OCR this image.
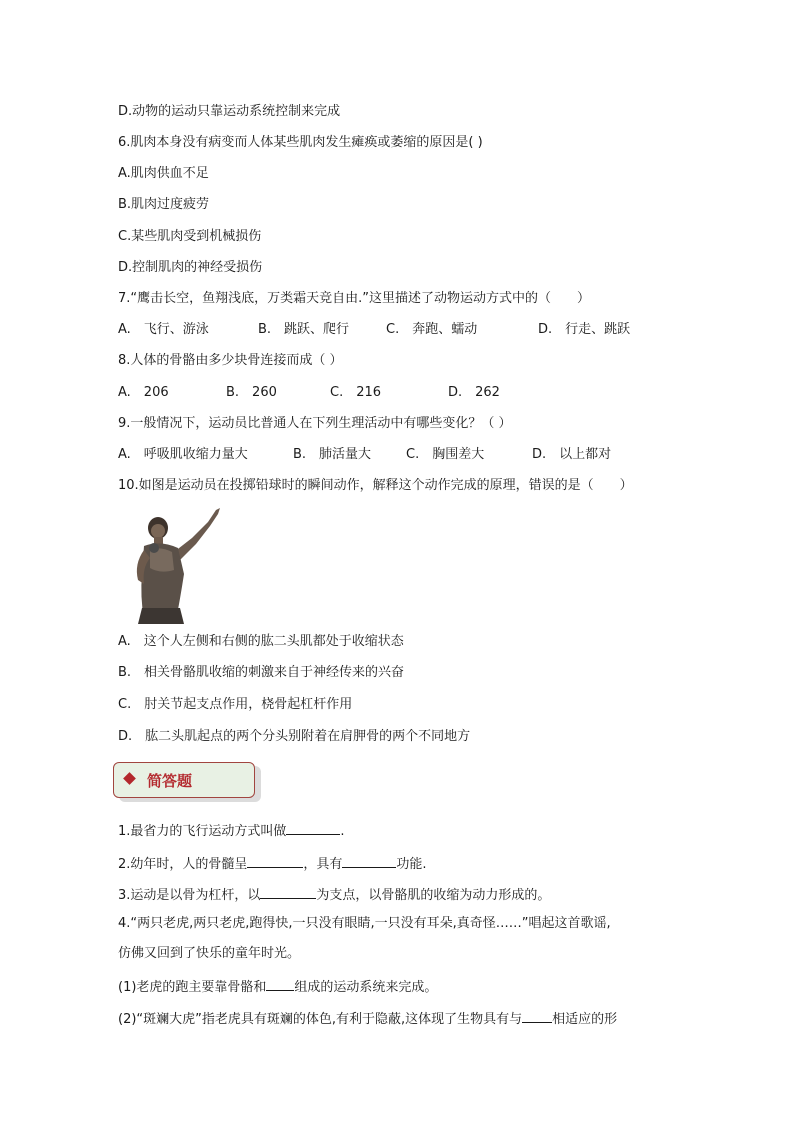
D.动物的运动只靠运动系统控制来完成
6.肌肉本身没有病变而人体某些肌肉发生瘫痪或萎缩的原因是( )
A.肌肉供血不足
B.肌肉过度疲劳
C.某些肌肉受到机械损伤
D.控制肌肉的神经受损伤
7.“鹰击长空，鱼翔浅底，万类霜天竞自由.”这里描述了动物运动方式中的（　　）
A.　飞行、游泳	B.　跳跃、爬行	C.　奔跑、蠕动	D.　行走、跳跃
8.人体的骨骼由多少块骨连接而成（ ）
A.　206	B.　260	C.　216	D.　262
9.一般情况下，运动员比普通人在下列生理活动中有哪些变化？（ ）
A.　呼吸肌收缩力量大	B.　肺活量大	C.　胸围差大	D.　以上都对
10.如图是运动员在投掷铅球时的瞬间动作，解释这个动作完成的原理，错误的是（　　）
A.　这个人左侧和右侧的肱二头肌都处于收缩状态
B.　相关骨骼肌收缩的刺激来自于神经传来的兴奋
C.　肘关节起支点作用，桡骨起杠杆作用
D.　肱二头肌起点的两个分头别附着在肩胛骨的两个不同地方
简答题
1.最省力的飞行运动方式叫做	.
2.幼年时，人的骨髓呈	，具有	功能.
3.运动是以骨为杠杆，以	为支点，以骨骼肌的收缩为动力形成的。
4.“两只老虎,两只老虎,跑得快,一只没有眼睛,一只没有耳朵,真奇怪……”唱起这首歌谣,
仿佛又回到了快乐的童年时光。
(1)老虎的跑主要靠骨骼和 组成的运动系统来完成。
(2)“斑斓大虎”指老虎具有斑斓的体色,有利于隐蔽,这体现了生物具有与 相适应的形
